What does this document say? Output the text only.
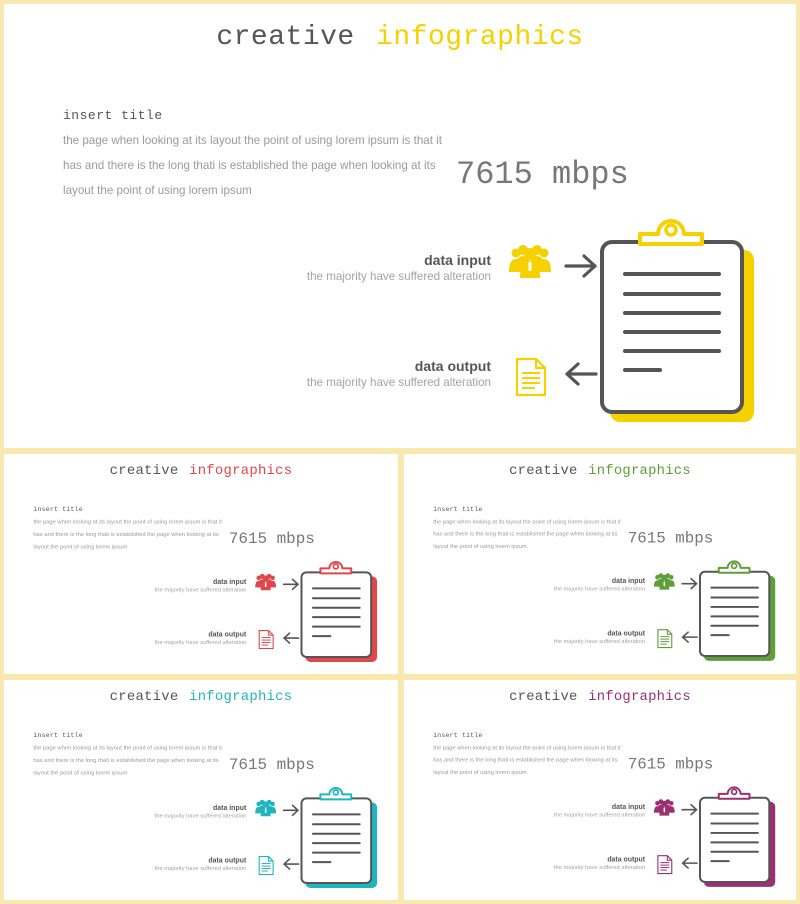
creative infographics
insert title
the page when looking at its layout the point of using lorem ipsum is that it has and there is the long thati is established the page when looking at its layout the point of using lorem ipsum	7615 mbps
data input
the majority have suffered alteration
data output
the majority have suffered alteration
creative infographics
insert title
the page when looking at its layout the point of using lorem ipsum is that it has and there is the long thati is established the page when looking at its layout the point of using lorem ipsum	7615 mbps
data input
the majority have suffered alteration
data output
the majority have suffered alteration
creative infographics
insert title
the page when looking at its layout the point of using lorem ipsum is that it has and there is the long thati is established the page when looking at its layout the point of using lorem ipsum	7615 mbps
data input
the majority have suffered alteration
data output
the majority have suffered alteration
creative infographics
insert title
the page when looking at its layout the point of using lorem ipsum is that it has and there is the long thati is established the page when looking at its layout the point of using lorem ipsum	7615 mbps
data input
the majority have suffered alteration
data output
the majority have suffered alteration
creative infographics
insert title
the page when looking at its layout the point of using lorem ipsum is that it has and there is the long thati is established the page when looking at its layout the point of using lorem ipsum	7615 mbps
data input
the majority have suffered alteration
data output
the majority have suffered alteration
